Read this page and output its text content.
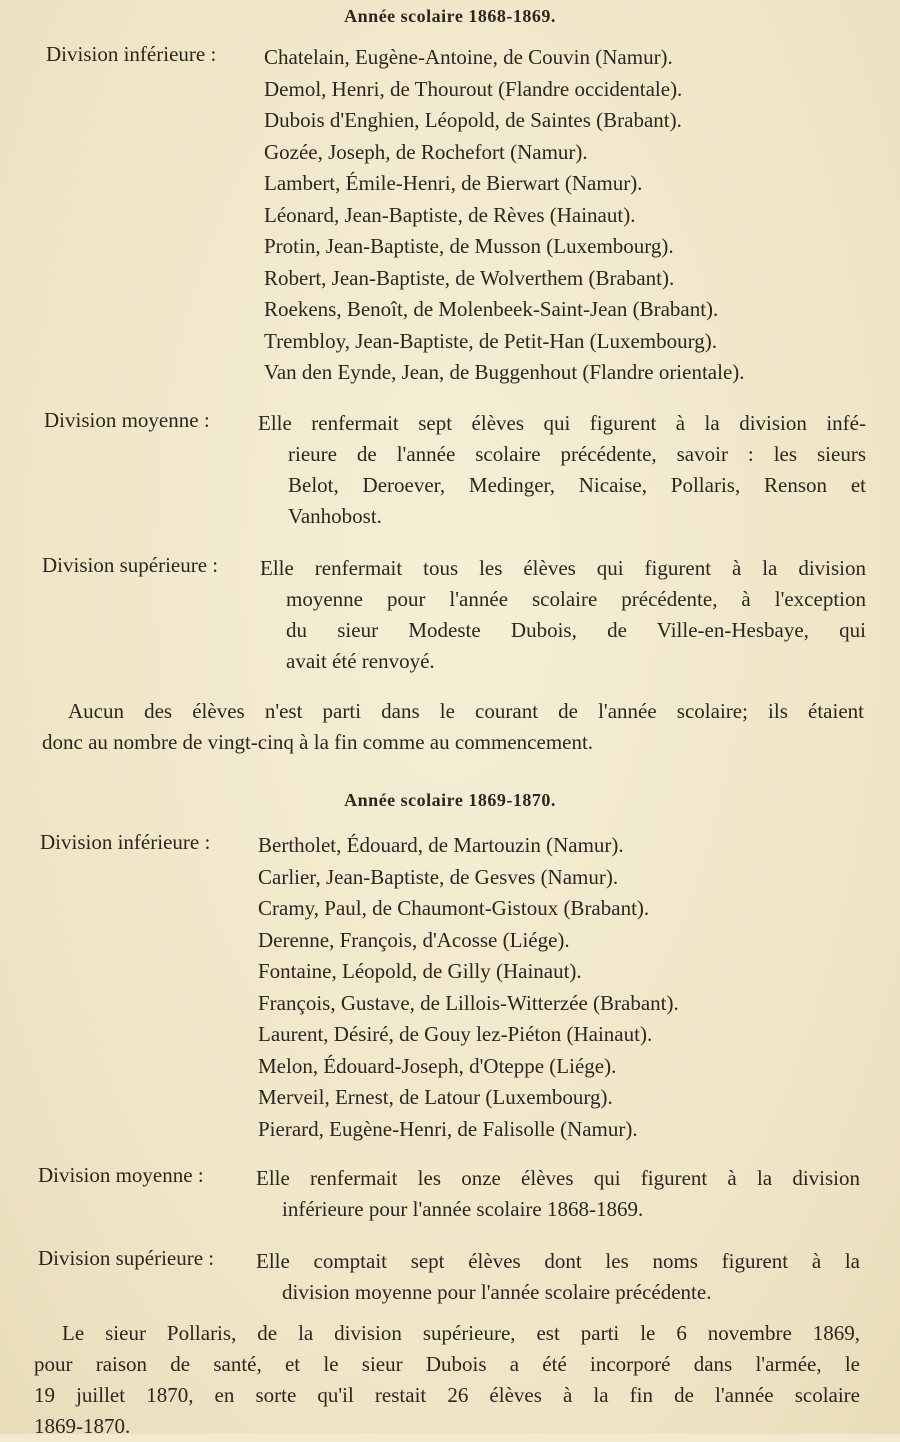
Année scolaire 1868-1869.
Division inférieure : Chatelain, Eugène-Antoine, de Couvin (Namur).
Demol, Henri, de Thourout (Flandre occidentale).
Dubois d'Enghien, Léopold, de Saintes (Brabant).
Gozée, Joseph, de Rochefort (Namur).
Lambert, Émile-Henri, de Bierwart (Namur).
Léonard, Jean-Baptiste, de Rèves (Hainaut).
Protin, Jean-Baptiste, de Musson (Luxembourg).
Robert, Jean-Baptiste, de Wolverthem (Brabant).
Roekens, Benoît, de Molenbeek-Saint-Jean (Brabant).
Trembloy, Jean-Baptiste, de Petit-Han (Luxembourg).
Van den Eynde, Jean, de Buggenhout (Flandre orientale).
Division moyenne : Elle renfermait sept élèves qui figurent à la division infé-
rieure de l'année scolaire précédente, savoir : les sieurs
Belot, Deroever, Medinger, Nicaise, Pollaris, Renson et
Vanhobost.
Division supérieure : Elle renfermait tous les élèves qui figurent à la division
moyenne pour l'année scolaire précédente, à l'exception
du sieur Modeste Dubois, de Ville-en-Hesbaye, qui
avait été renvoyé.
Aucun des élèves n'est parti dans le courant de l'année scolaire; ils étaient
donc au nombre de vingt-cinq à la fin comme au commencement.
Année scolaire 1869-1870.
Division inférieure : Bertholet, Édouard, de Martouzin (Namur).
Carlier, Jean-Baptiste, de Gesves (Namur).
Cramy, Paul, de Chaumont-Gistoux (Brabant).
Derenne, François, d'Acosse (Liége).
Fontaine, Léopold, de Gilly (Hainaut).
François, Gustave, de Lillois-Witterzée (Brabant).
Laurent, Désiré, de Gouy lez-Piéton (Hainaut).
Melon, Édouard-Joseph, d'Oteppe (Liége).
Merveil, Ernest, de Latour (Luxembourg).
Pierard, Eugène-Henri, de Falisolle (Namur).
Division moyenne : Elle renfermait les onze élèves qui figurent à la division
inférieure pour l'année scolaire 1868-1869.
Division supérieure : Elle comptait sept élèves dont les noms figurent à la
division moyenne pour l'année scolaire précédente.
Le sieur Pollaris, de la division supérieure, est parti le 6 novembre 1869,
pour raison de santé, et le sieur Dubois a été incorporé dans l'armée, le
19 juillet 1870, en sorte qu'il restait 26 élèves à la fin de l'année scolaire
1869-1870.
